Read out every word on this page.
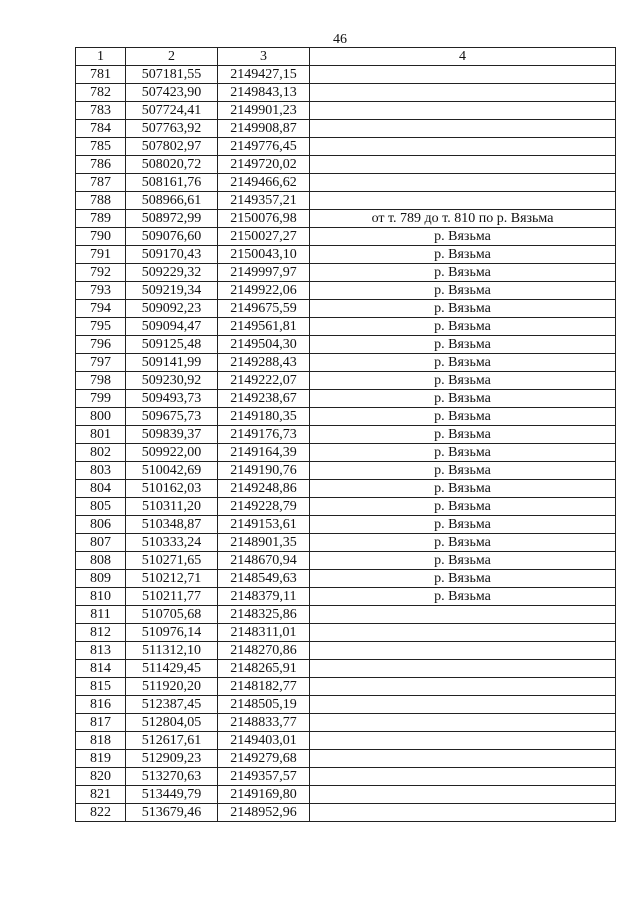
46
1	2	3	4
781	507181,55	2149427,15	
782	507423,90	2149843,13	
783	507724,41	2149901,23	
784	507763,92	2149908,87	
785	507802,97	2149776,45	
786	508020,72	2149720,02	
787	508161,76	2149466,62	
788	508966,61	2149357,21	
789	508972,99	2150076,98	от т. 789 до т. 810 по р. Вязьма
790	509076,60	2150027,27	р. Вязьма
791	509170,43	2150043,10	р. Вязьма
792	509229,32	2149997,97	р. Вязьма
793	509219,34	2149922,06	р. Вязьма
794	509092,23	2149675,59	р. Вязьма
795	509094,47	2149561,81	р. Вязьма
796	509125,48	2149504,30	р. Вязьма
797	509141,99	2149288,43	р. Вязьма
798	509230,92	2149222,07	р. Вязьма
799	509493,73	2149238,67	р. Вязьма
800	509675,73	2149180,35	р. Вязьма
801	509839,37	2149176,73	р. Вязьма
802	509922,00	2149164,39	р. Вязьма
803	510042,69	2149190,76	р. Вязьма
804	510162,03	2149248,86	р. Вязьма
805	510311,20	2149228,79	р. Вязьма
806	510348,87	2149153,61	р. Вязьма
807	510333,24	2148901,35	р. Вязьма
808	510271,65	2148670,94	р. Вязьма
809	510212,71	2148549,63	р. Вязьма
810	510211,77	2148379,11	р. Вязьма
811	510705,68	2148325,86	
812	510976,14	2148311,01	
813	511312,10	2148270,86	
814	511429,45	2148265,91	
815	511920,20	2148182,77	
816	512387,45	2148505,19	
817	512804,05	2148833,77	
818	512617,61	2149403,01	
819	512909,23	2149279,68	
820	513270,63	2149357,57	
821	513449,79	2149169,80	
822	513679,46	2148952,96	
